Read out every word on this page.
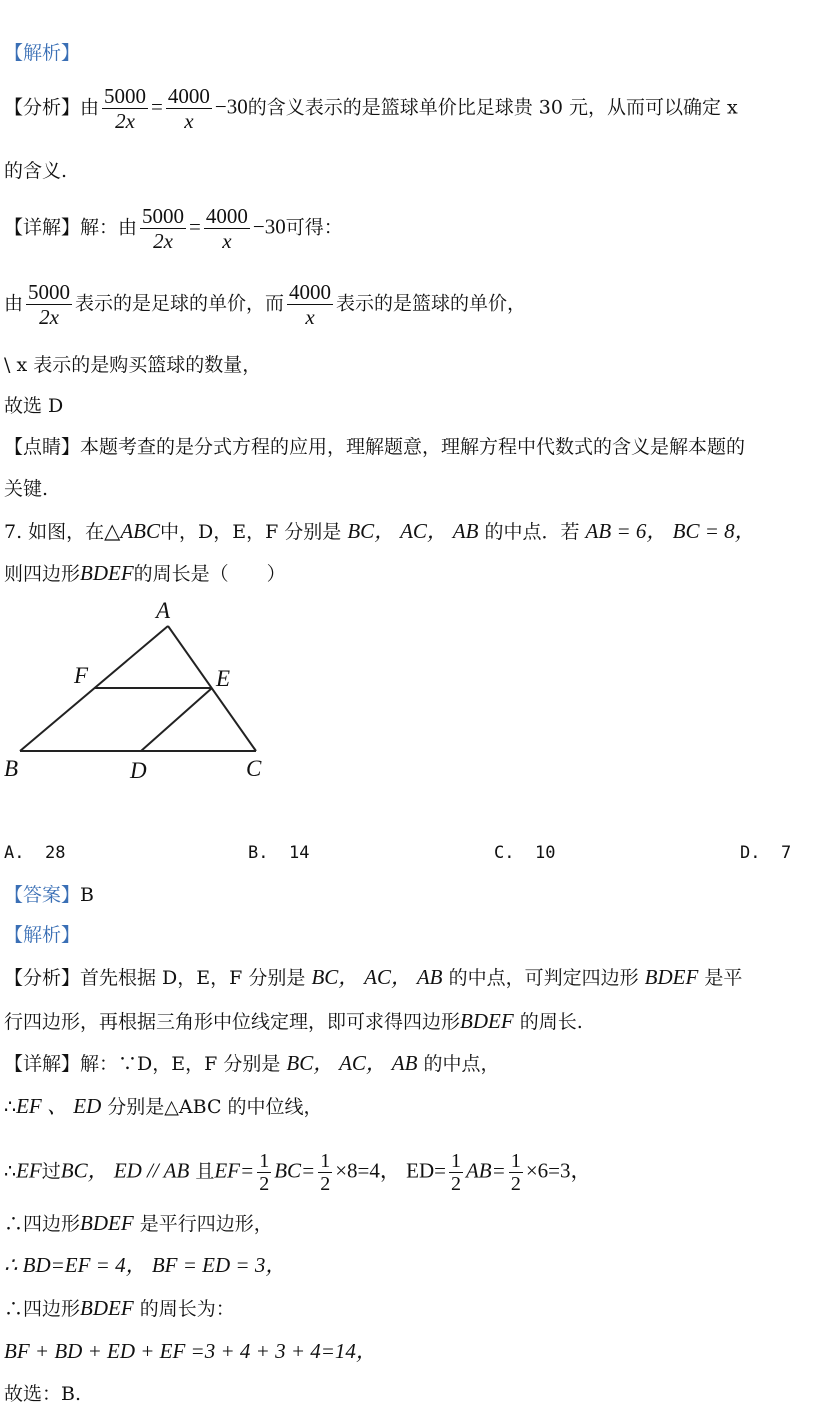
【解析】
【分析】由 $\frac{5000}{2x} = \frac{4000}{x} -30$的含义表示的是篮球单价比足球贵 30 元，从而可以确定 x
的含义.
【详解】解：由 $\frac{5000}{2x} = \frac{4000}{x} -30$可得：
由 $\frac{5000}{2x}$ 表示的是足球的单价，而 $\frac{4000}{x}$ 表示的是篮球的单价，
\ x 表示的是购买篮球的数量，
故选 D
【点睛】本题考查的是分式方程的应用，理解题意，理解方程中代数式的含义是解本题的
关键.
7. 如图，在△ABC中，D，E，F 分别是 BC， AC， AB 的中点．若 AB = 6， BC = 8，
则四边形BDEF的周长是（　　）
A
F	E
B	D	C
A. 28	B. 14	C. 10	D. 7
【答案】B
【解析】
【分析】首先根据 D，E，F 分别是 BC， AC， AB 的中点，可判定四边形 BDEF 是平
行四边形，再根据三角形中位线定理，即可求得四边形BDEF 的周长.
【详解】解：∵D，E，F 分别是 BC， AC， AB 的中点，
∴EF 、 ED 分别是△ABC 的中位线，
∴EF过BC， ED // AB 且$EF= \frac{1}{2} BC= \frac{1}{2} \times 8=4$， $ED= \frac{1}{2} AB= \frac{1}{2} \times 6=3$，
∴四边形BDEF 是平行四边形，
∴ BD=EF = 4， BF = ED = 3，
∴四边形BDEF 的周长为：
BF + BD + ED + EF =3 + 4 + 3 + 4=14，
故选：B.
